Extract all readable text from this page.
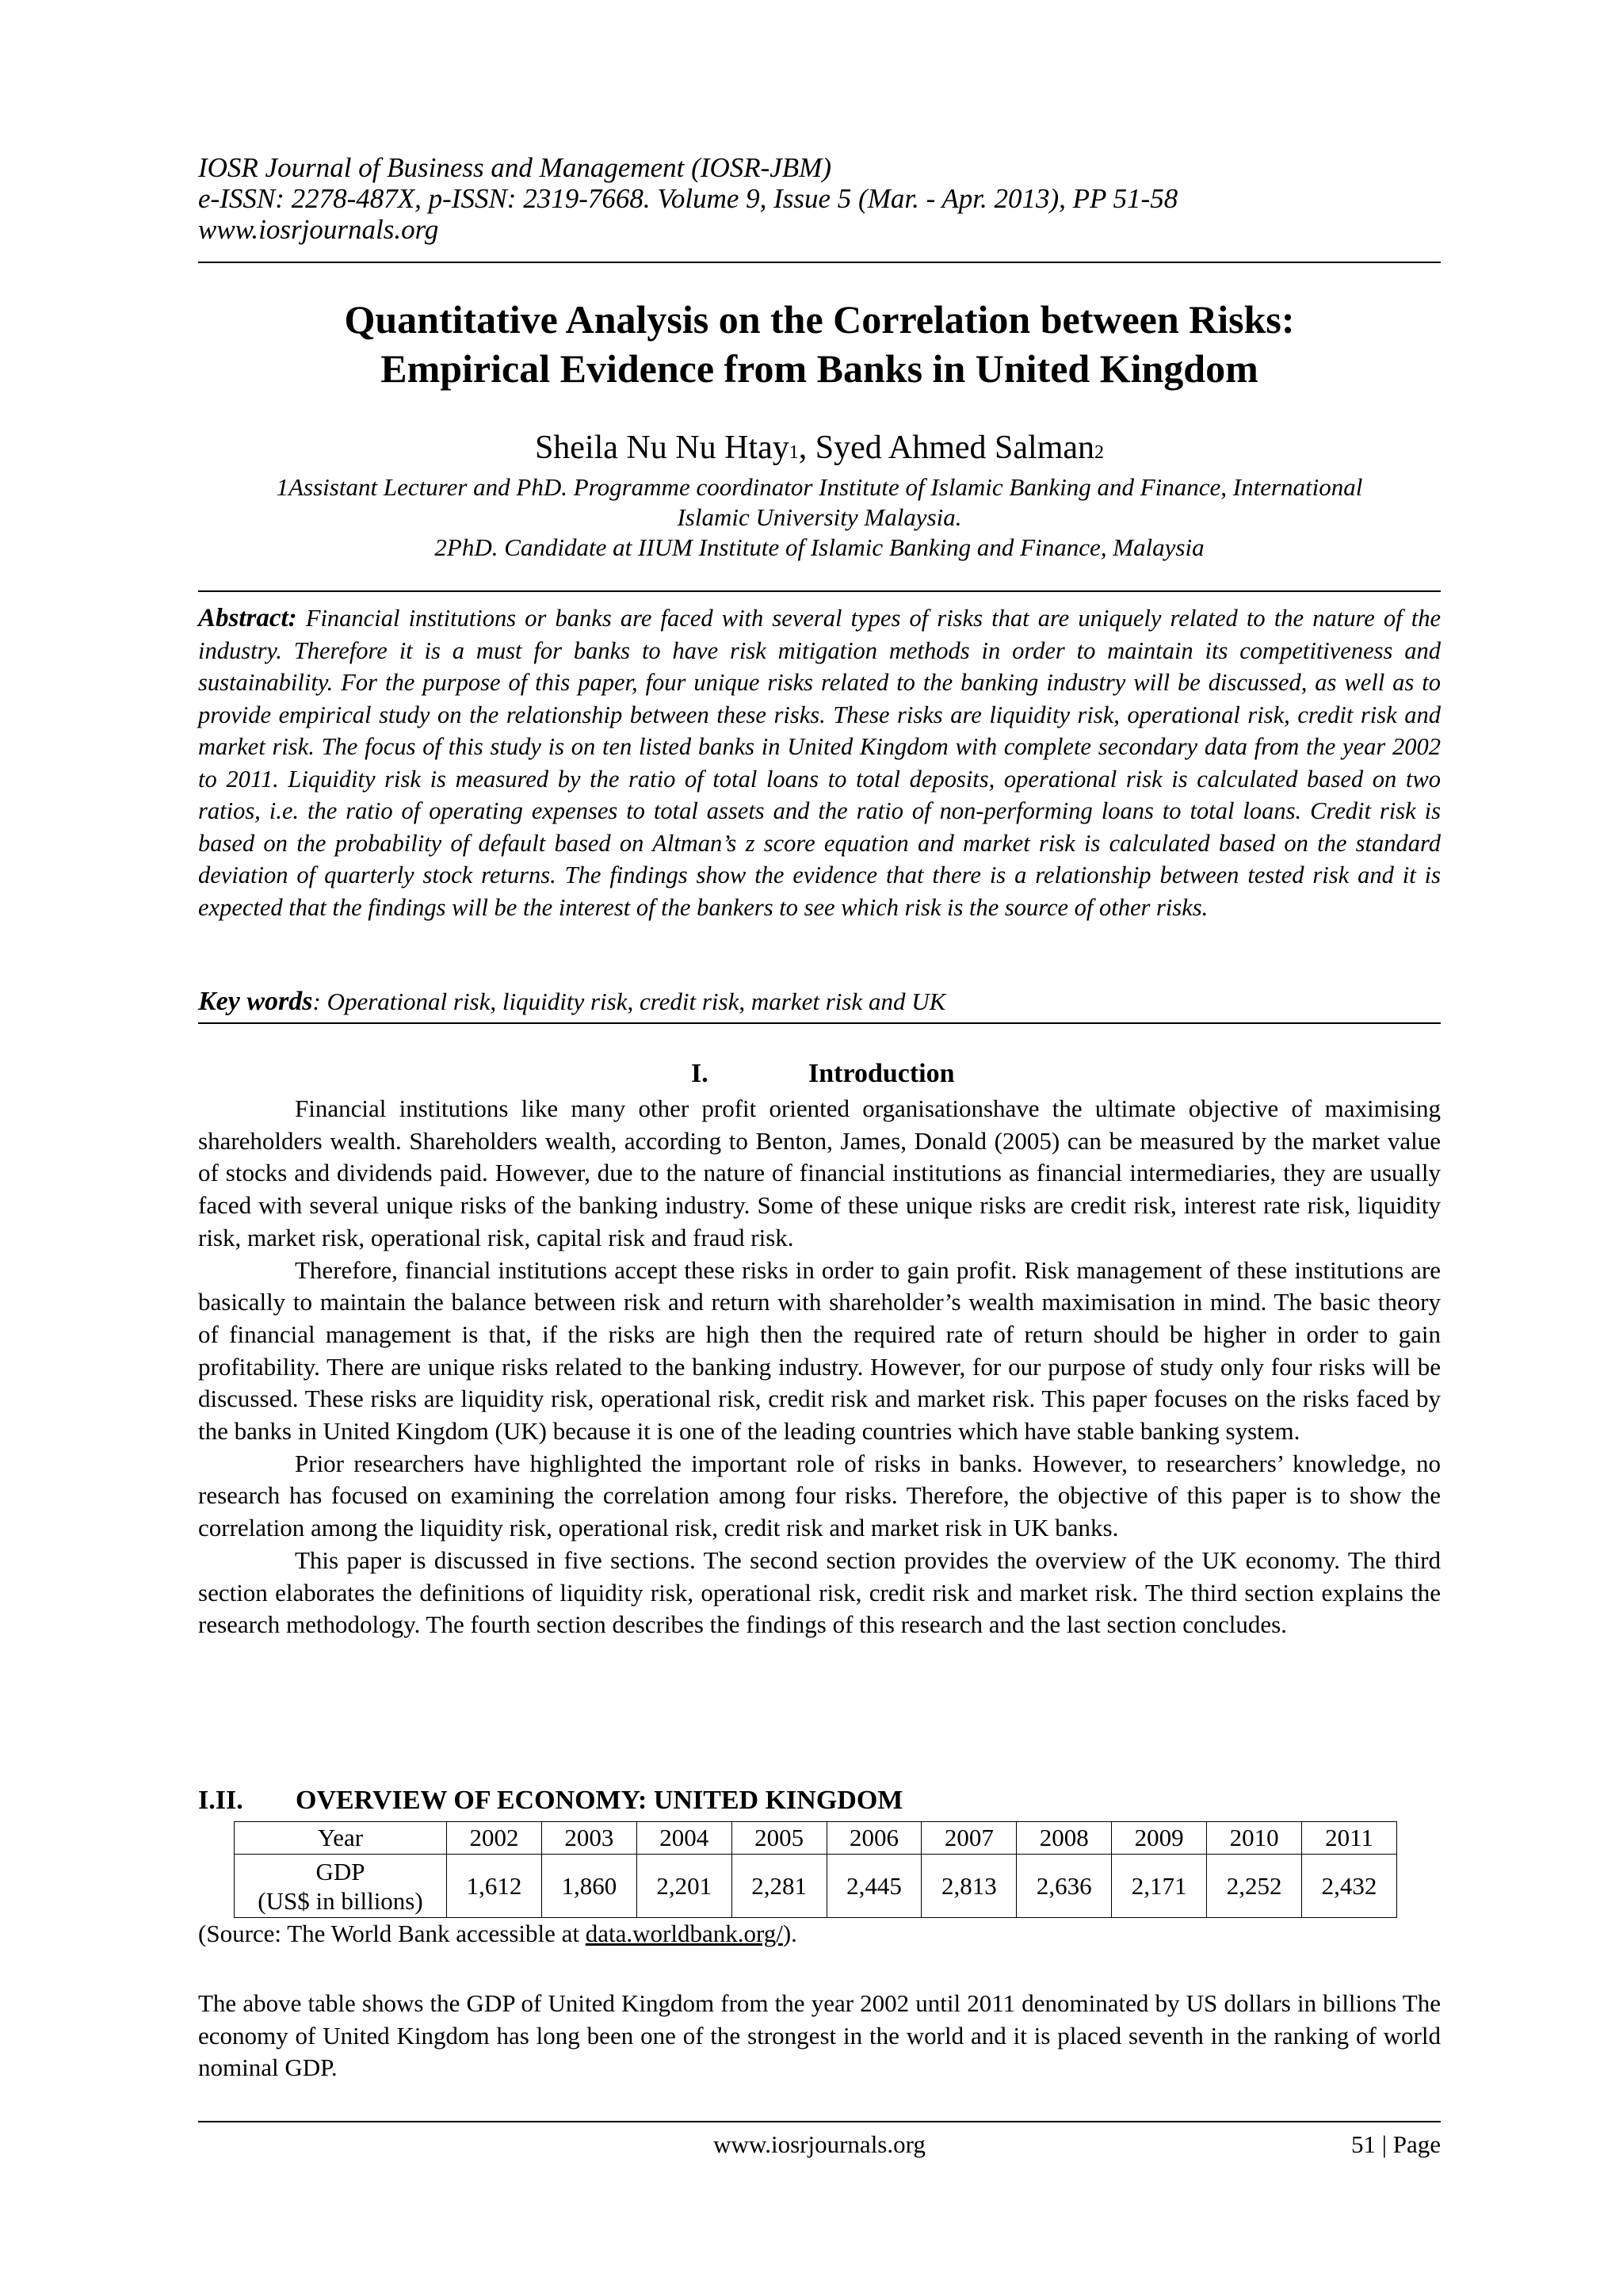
IOSR Journal of Business and Management (IOSR-JBM)
e-ISSN: 2278-487X, p-ISSN: 2319-7668. Volume 9, Issue 5 (Mar. - Apr. 2013), PP 51-58
www.iosrjournals.org
Quantitative Analysis on the Correlation between Risks:
Empirical Evidence from Banks in United Kingdom
Sheila Nu Nu Htay1, Syed Ahmed Salman2
1Assistant Lecturer and PhD. Programme coordinator Institute of Islamic Banking and Finance, International
Islamic University Malaysia.
2PhD. Candidate at IIUM Institute of Islamic Banking and Finance, Malaysia
Abstract: Financial institutions or banks are faced with several types of risks that are uniquely related to the nature of the industry. Therefore it is a must for banks to have risk mitigation methods in order to maintain its competitiveness and sustainability. For the purpose of this paper, four unique risks related to the banking industry will be discussed, as well as to provide empirical study on the relationship between these risks. These risks are liquidity risk, operational risk, credit risk and market risk. The focus of this study is on ten listed banks in United Kingdom with complete secondary data from the year 2002 to 2011. Liquidity risk is measured by the ratio of total loans to total deposits, operational risk is calculated based on two ratios, i.e. the ratio of operating expenses to total assets and the ratio of non-performing loans to total loans. Credit risk is based on the probability of default based on Altman’s z score equation and market risk is calculated based on the standard deviation of quarterly stock returns. The findings show the evidence that there is a relationship between tested risk and it is expected that the findings will be the interest of the bankers to see which risk is the source of other risks.
Key words: Operational risk, liquidity risk, credit risk, market risk and UK
I.	Introduction

Financial institutions like many other profit oriented organisationshave the ultimate objective of maximising shareholders wealth. Shareholders wealth, according to Benton, James, Donald (2005) can be measured by the market value of stocks and dividends paid. However, due to the nature of financial institutions as financial intermediaries, they are usually faced with several unique risks of the banking industry. Some of these unique risks are credit risk, interest rate risk, liquidity risk, market risk, operational risk, capital risk and fraud risk.

Therefore, financial institutions accept these risks in order to gain profit. Risk management of these institutions are basically to maintain the balance between risk and return with shareholder’s wealth maximisation in mind. The basic theory of financial management is that, if the risks are high then the required rate of return should be higher in order to gain profitability. There are unique risks related to the banking industry. However, for our purpose of study only four risks will be discussed. These risks are liquidity risk, operational risk, credit risk and market risk. This paper focuses on the risks faced by the banks in United Kingdom (UK) because it is one of the leading countries which have stable banking system.

Prior researchers have highlighted the important role of risks in banks. However, to researchers’ knowledge, no research has focused on examining the correlation among four risks. Therefore, the objective of this paper is to show the correlation among the liquidity risk, operational risk, credit risk and market risk in UK banks.

This paper is discussed in five sections. The second section provides the overview of the UK economy. The third section elaborates the definitions of liquidity risk, operational risk, credit risk and market risk. The third section explains the research methodology. The fourth section describes the findings of this research and the last section concludes.

I.II. OVERVIEW OF ECONOMY: UNITED KINGDOM
Year	2002	2003	2004	2005	2006	2007	2008	2009	2010	2011

GDP
(US$ in billions)	1,612	1,860	2,201	2,281	2,445	2,813	2,636	2,171	2,252	2,432
(Source: The World Bank accessible at data.worldbank.org/).
The above table shows the GDP of United Kingdom from the year 2002 until 2011 denominated by US dollars in billions The economy of United Kingdom has long been one of the strongest in the world and it is placed seventh in the ranking of world nominal GDP.
www.iosrjournals.org	51 | Page
